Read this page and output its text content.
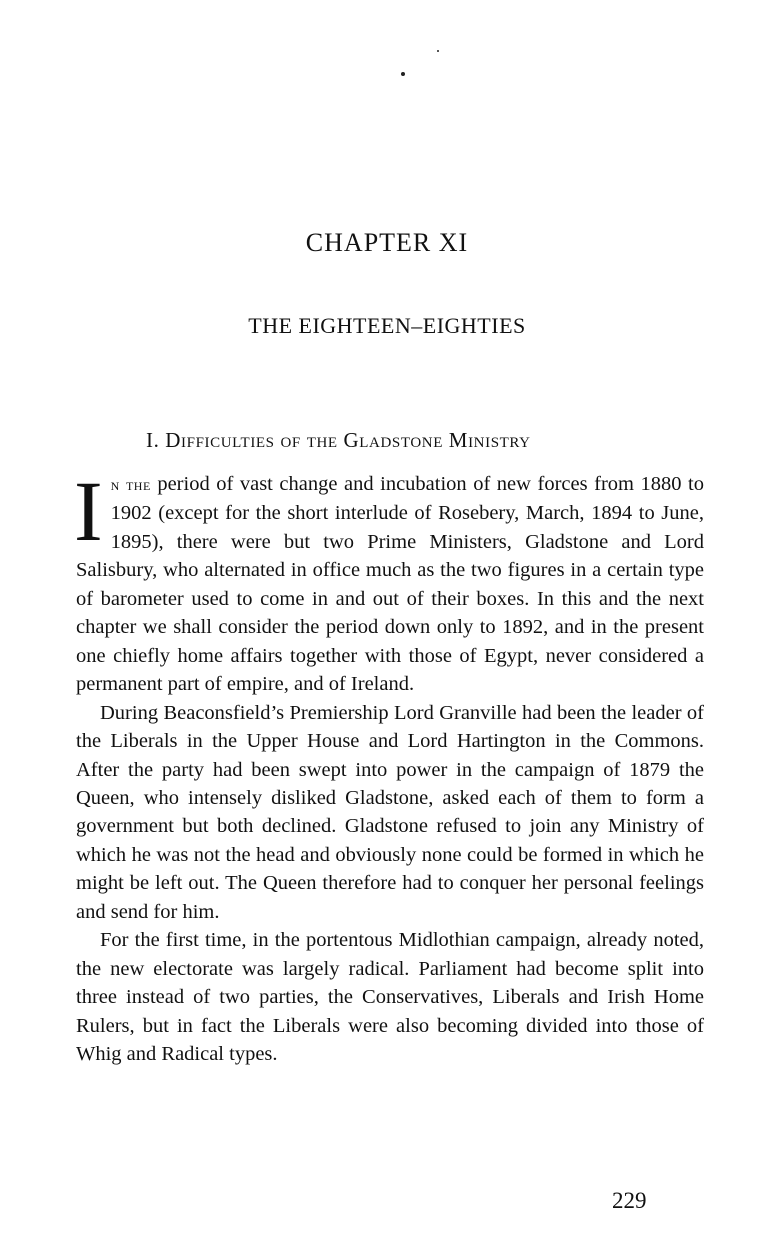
CHAPTER XI
THE EIGHTEEN–EIGHTIES
I. Difficulties of the Gladstone Ministry

In the period of vast change and incubation of new forces from 1880 to 1902 (except for the short interlude of Rosebery, March, 1894 to June, 1895), there were but two Prime Ministers, Gladstone and Lord Salisbury, who alternated in office much as the two figures in a certain type of barometer used to come in and out of their boxes. In this and the next chapter we shall consider the period down only to 1892, and in the present one chiefly home affairs together with those of Egypt, never considered a permanent part of empire, and of Ireland.

During Beaconsfield’s Premiership Lord Granville had been the leader of the Liberals in the Upper House and Lord Hartington in the Commons. After the party had been swept into power in the campaign of 1879 the Queen, who intensely disliked Gladstone, asked each of them to form a government but both declined. Gladstone refused to join any Ministry of which he was not the head and obviously none could be formed in which he might be left out. The Queen therefore had to conquer her personal feelings and send for him.

For the first time, in the portentous Midlothian campaign, already noted, the new electorate was largely radical. Parliament had become split into three instead of two parties, the Conservatives, Liberals and Irish Home Rulers, but in fact the Liberals were also becoming divided into those of Whig and Radical types.

229
